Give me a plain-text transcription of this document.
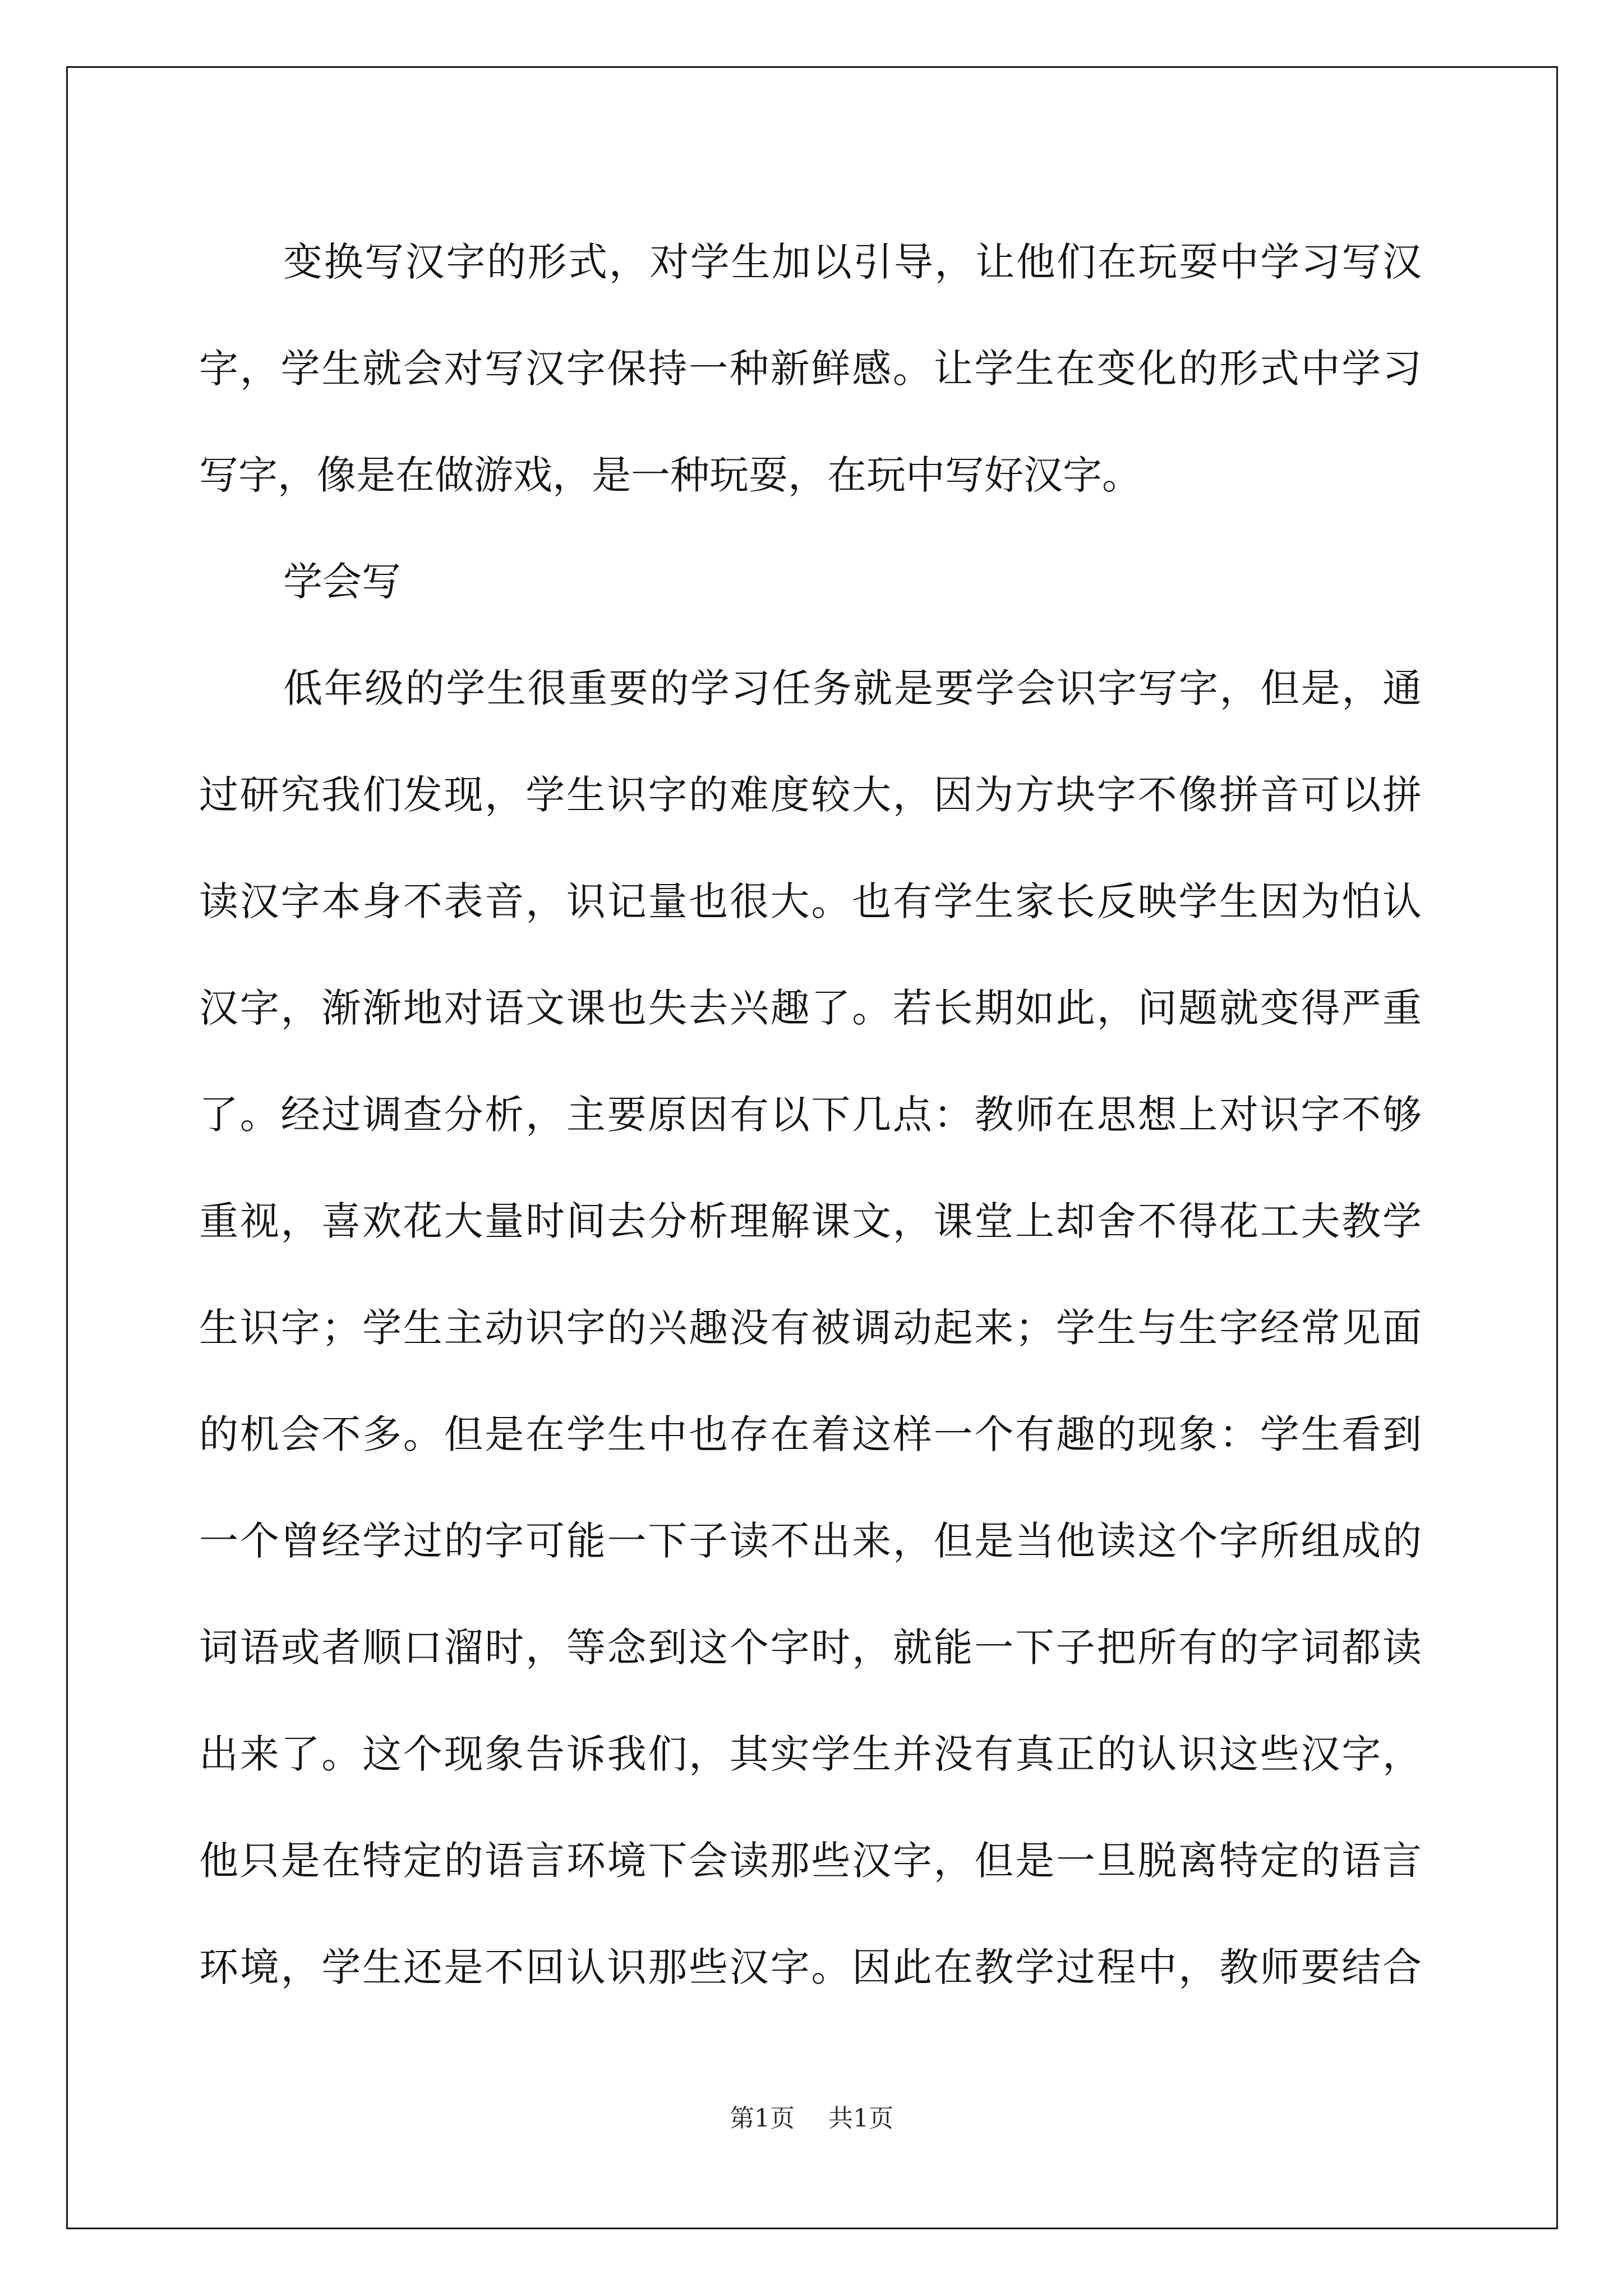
变换写汉字的形式，对学生加以引导，让他们在玩耍中学习写汉
字，学生就会对写汉字保持一种新鲜感。让学生在变化的形式中学习
写字，像是在做游戏，是一种玩耍，在玩中写好汉字。
学会写
低年级的学生很重要的学习任务就是要学会识字写字，但是，通
过研究我们发现，学生识字的难度较大，因为方块字不像拼音可以拼
读汉字本身不表音，识记量也很大。也有学生家长反映学生因为怕认
汉字，渐渐地对语文课也失去兴趣了。若长期如此，问题就变得严重
了。经过调查分析，主要原因有以下几点：教师在思想上对识字不够
重视，喜欢花大量时间去分析理解课文，课堂上却舍不得花工夫教学
生识字；学生主动识字的兴趣没有被调动起来；学生与生字经常见面
的机会不多。但是在学生中也存在着这样一个有趣的现象：学生看到
一个曾经学过的字可能一下子读不出来，但是当他读这个字所组成的
词语或者顺口溜时，等念到这个字时，就能一下子把所有的字词都读
出来了。这个现象告诉我们，其实学生并没有真正的认识这些汉字，
他只是在特定的语言环境下会读那些汉字，但是一旦脱离特定的语言
环境，学生还是不回认识那些汉字。因此在教学过程中，教师要结合
第1页 共1页
